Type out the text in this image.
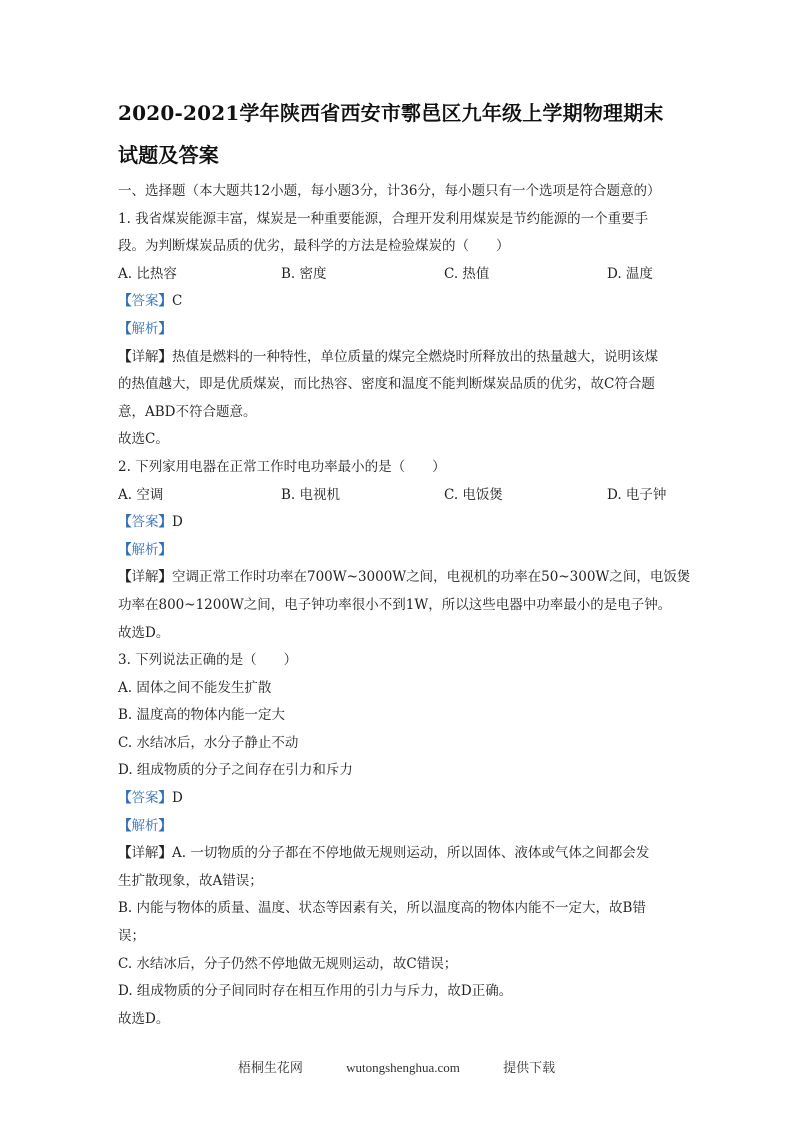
2020-2021学年陕西省西安市鄠邑区九年级上学期物理期末
试题及答案
一、选择题（本大题共12小题，每小题3分，计36分，每小题只有一个选项是符合题意的）
1. 我省煤炭能源丰富，煤炭是一种重要能源，合理开发利用煤炭是节约能源的一个重要手
段。为判断煤炭品质的优劣，最科学的方法是检验煤炭的（　　）
A. 比热容	B. 密度	C. 热值	D. 温度
【答案】C
【解析】
【详解】热值是燃料的一种特性，单位质量的煤完全燃烧时所释放出的热量越大，说明该煤
的热值越大，即是优质煤炭，而比热容、密度和温度不能判断煤炭品质的优劣，故C符合题
意，ABD不符合题意。
故选C。
2. 下列家用电器在正常工作时电功率最小的是（　　）
A. 空调	B. 电视机	C. 电饭煲	D. 电子钟
【答案】D
【解析】
【详解】空调正常工作时功率在700W~3000W之间，电视机的功率在50~300W之间，电饭煲
功率在800~1200W之间，电子钟功率很小不到1W，所以这些电器中功率最小的是电子钟。
故选D。
3. 下列说法正确的是（　　）
A. 固体之间不能发生扩散
B. 温度高的物体内能一定大
C. 水结冰后，水分子静止不动
D. 组成物质的分子之间存在引力和斥力
【答案】D
【解析】
【详解】A. 一切物质的分子都在不停地做无规则运动，所以固体、液体或气体之间都会发
生扩散现象，故A错误；
B. 内能与物体的质量、温度、状态等因素有关，所以温度高的物体内能不一定大，故B错
误；
C. 水结冰后，分子仍然不停地做无规则运动，故C错误；
D. 组成物质的分子间同时存在相互作用的引力与斥力，故D正确。
故选D。
梧桐生花网	wutongshenghua.com	提供下载
